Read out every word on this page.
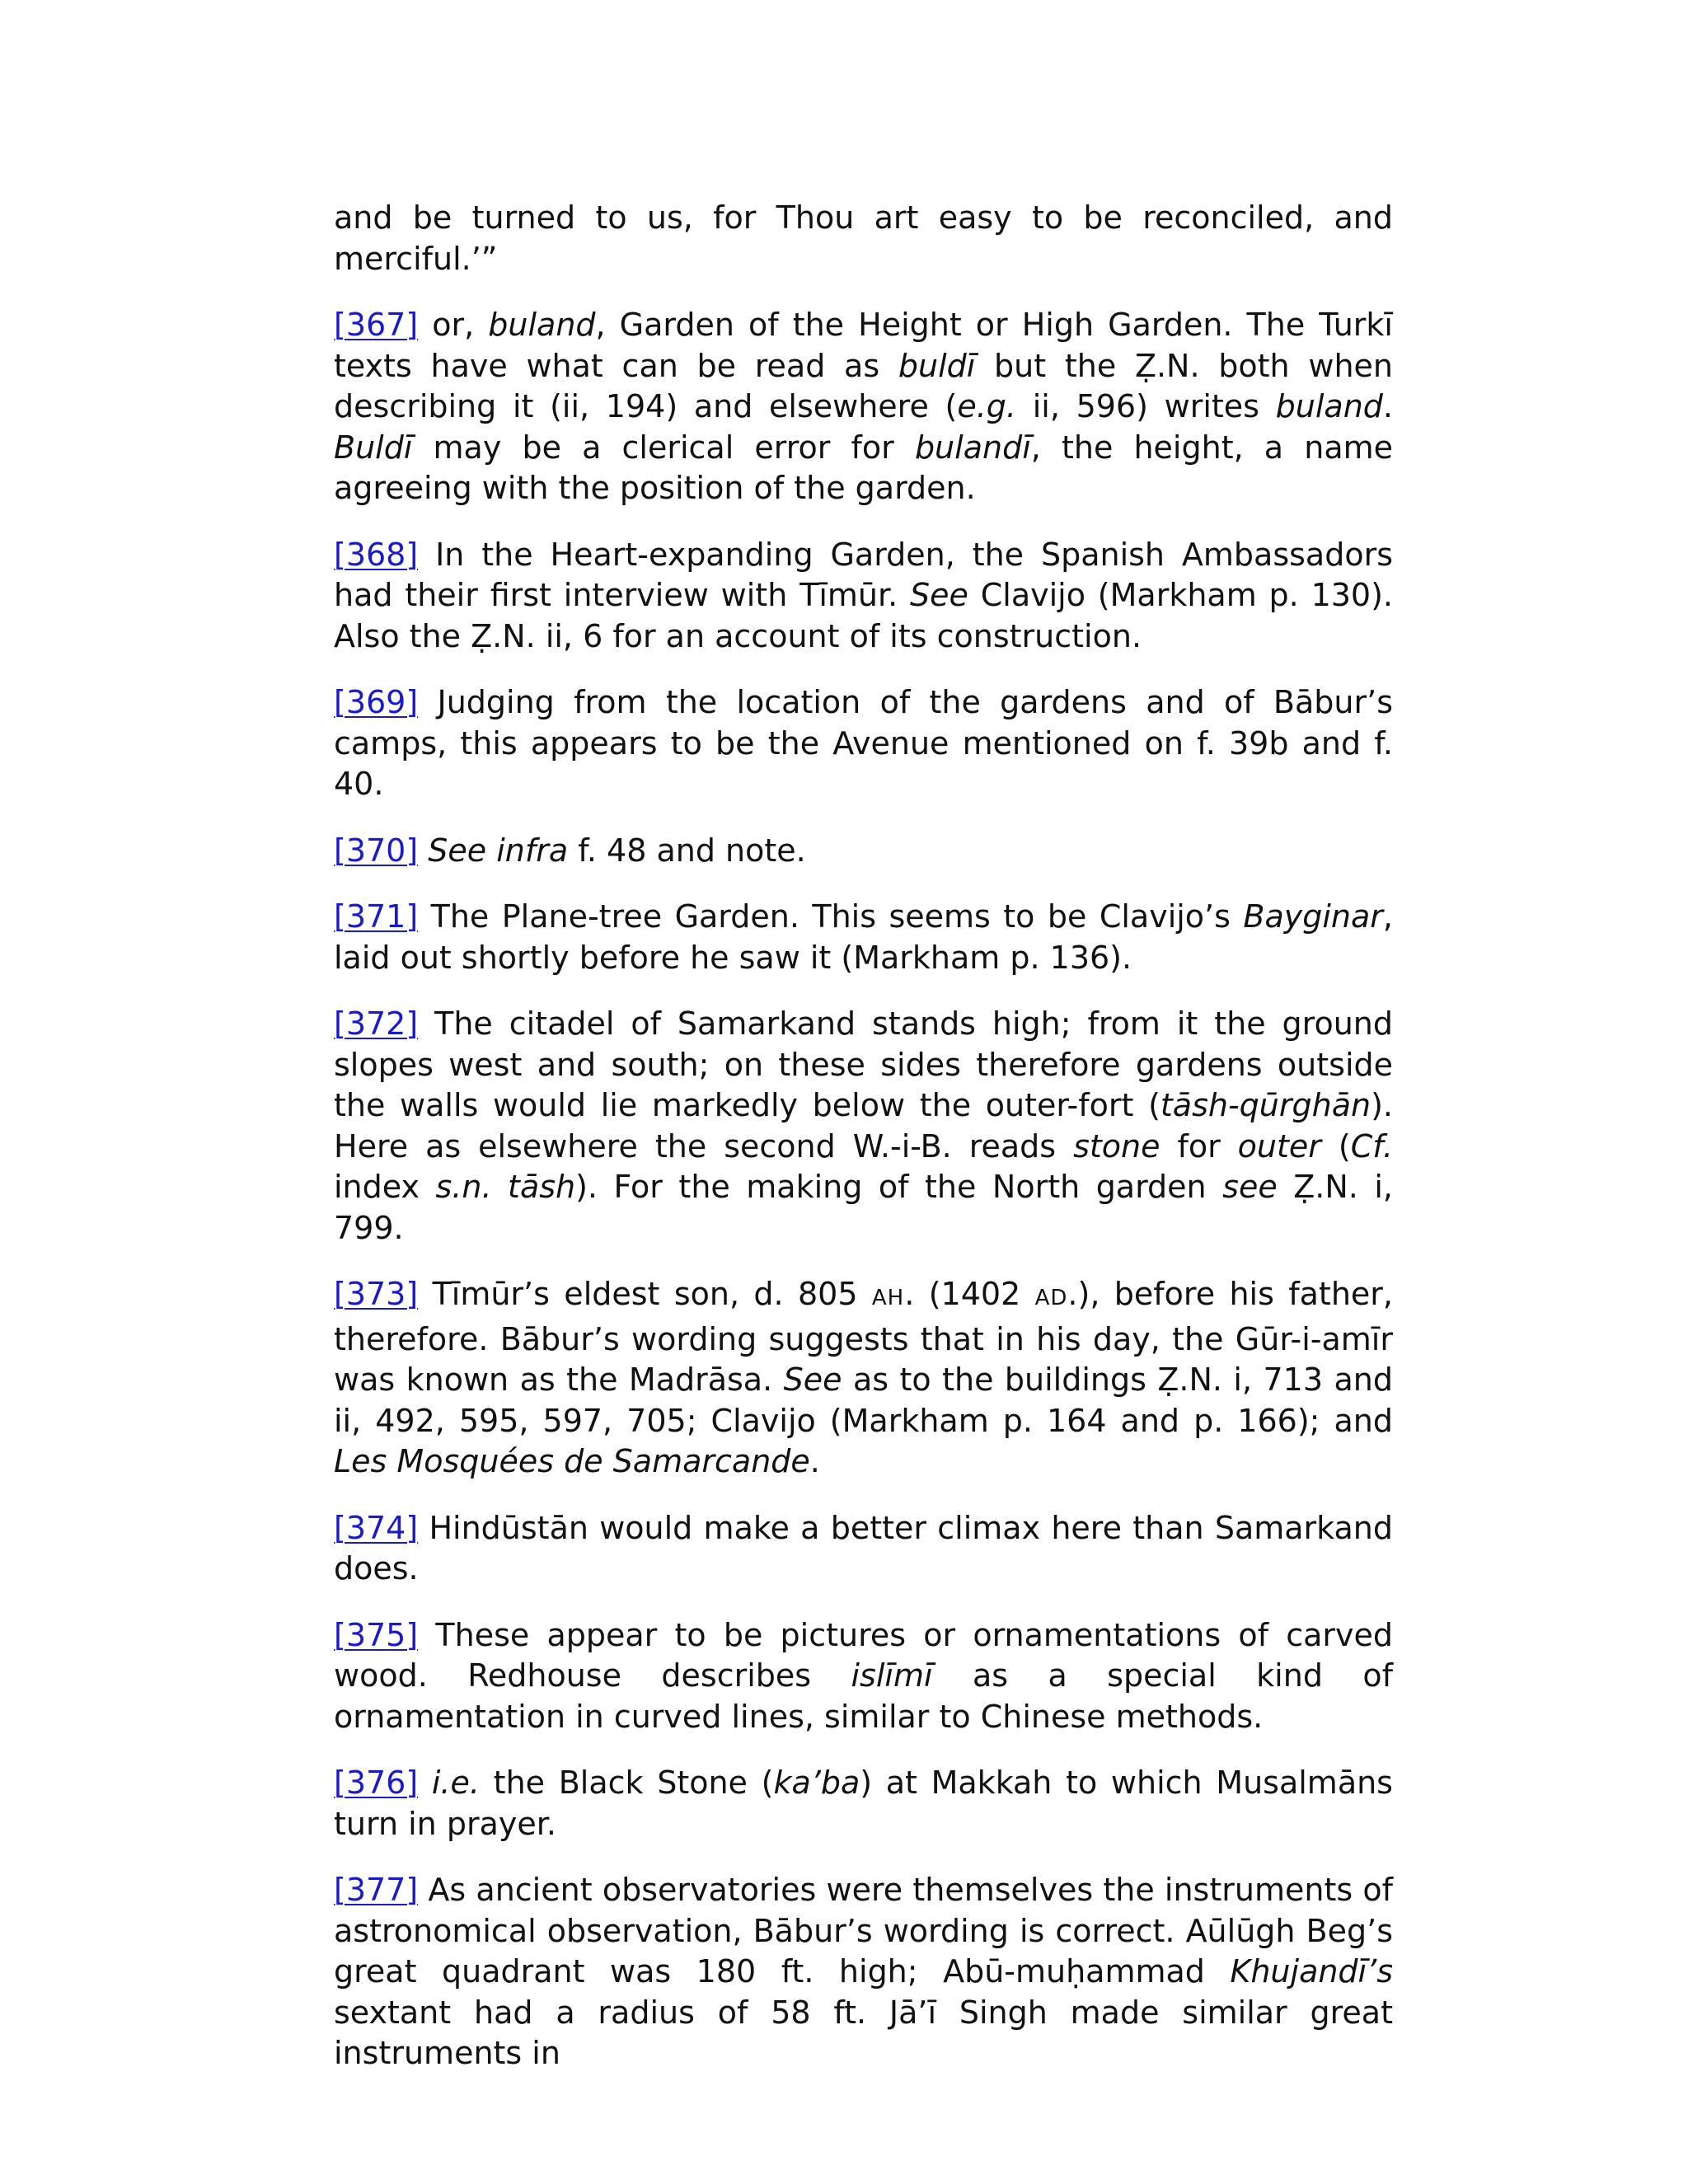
and be turned to us, for Thou art easy to be reconciled, and merciful.’”

[367] or, buland, Garden of the Height or High Garden. The Turkī texts have what can be read as buldī but the Ẓ.N. both when describing it (ii, 194) and elsewhere (e.g. ii, 596) writes buland. Buldī may be a clerical error for bulandī, the height, a name agreeing with the position of the garden.

[368] In the Heart-expanding Garden, the Spanish Ambassadors had their first interview with Tīmūr. See Clavijo (Markham p. 130). Also the Ẓ.N. ii, 6 for an account of its construction.

[369] Judging from the location of the gardens and of Bābur’s camps, this appears to be the Avenue mentioned on f. 39b and f. 40.

[370] See infra f. 48 and note.

[371] The Plane-tree Garden. This seems to be Clavijo’s Bayginar, laid out shortly before he saw it (Markham p. 136).

[372] The citadel of Samarkand stands high; from it the ground slopes west and south; on these sides therefore gardens outside the walls would lie markedly below the outer-fort (tāsh-qūrghān). Here as elsewhere the second W.-i-B. reads stone for outer (Cf. index s.n. tāsh). For the making of the North garden see Ẓ.N. i, 799.

[373] Tīmūr’s eldest son, d. 805 AH. (1402 AD.), before his father, therefore. Bābur’s wording suggests that in his day, the Gūr-i-amīr was known as the Madrāsa. See as to the buildings Ẓ.N. i, 713 and ii, 492, 595, 597, 705; Clavijo (Markham p. 164 and p. 166); and Les Mosquées de Samarcande.

[374] Hindūstān would make a better climax here than Samarkand does.

[375] These appear to be pictures or ornamentations of carved wood. Redhouse describes islīmī as a special kind of ornamentation in curved lines, similar to Chinese methods.

[376] i.e. the Black Stone (ka’ba) at Makkah to which Musalmāns turn in prayer.

[377] As ancient observatories were themselves the instruments of astronomical observation, Bābur’s wording is correct. Aūlūgh Beg’s great quadrant was 180 ft. high; Abū-muḥammad Khujandī’s sextant had a radius of 58 ft. Jā’ī Singh made similar great instruments in
